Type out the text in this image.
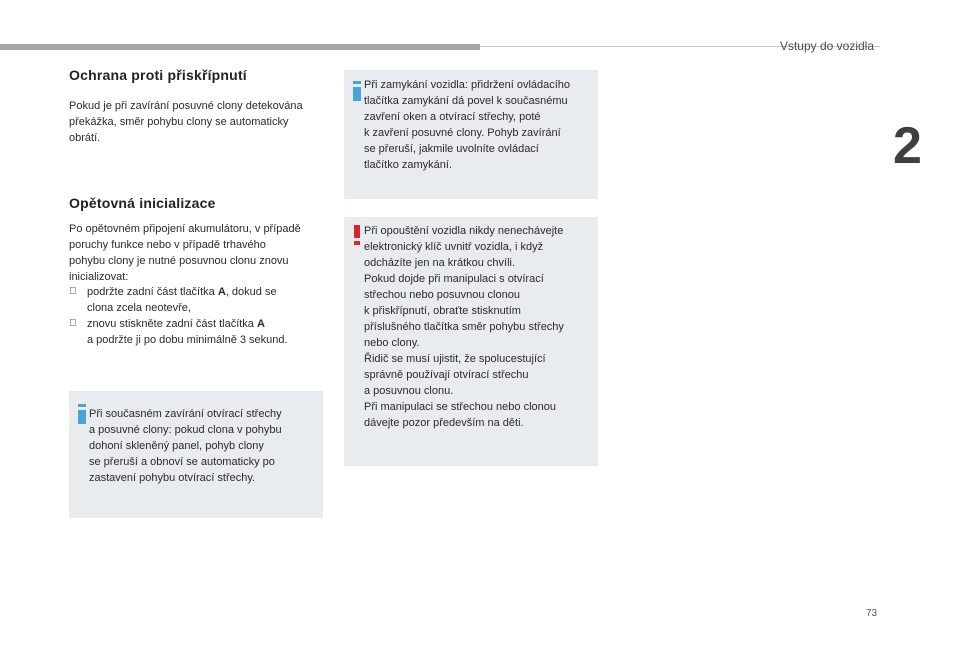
Vstupy do vozidla
2
73
Ochrana proti přiskřípnutí

Pokud je při zavírání posuvné clony detekována

překážka, směr pohybu clony se automaticky

obrátí.

Opětovná inicializace

Po opětovném připojení akumulátoru, v případě

poruchy funkce nebo v případě trhavého

pohybu clony je nutné posuvnou clonu znovu

inicializovat:

podržte zadní část tlačítka A, dokud se
clona zcela neotevře,
znovu stiskněte zadní část tlačítka A
a podržte ji po dobu minimálně 3 sekund.

Při současném zavírání otvírací střechy

a posuvné clony: pokud clona v pohybu

dohoní skleněný panel, pohyb clony

se přeruší a obnoví se automaticky po

zastavení pohybu otvírací střechy.

Při zamykání vozidla: přidržení ovládacího

tlačítka zamykání dá povel k současnému

zavření oken a otvírací střechy, poté

k zavření posuvné clony. Pohyb zavírání

se přeruší, jakmile uvolníte ovládací

tlačítko zamykání.

Při opouštění vozidla nikdy nenechávejte

elektronický klíč uvnitř vozidla, i když

odcházíte jen na krátkou chvíli.

Pokud dojde při manipulaci s otvírací

střechou nebo posuvnou clonou

k přiskřípnutí, obraťte stisknutím

příslušného tlačítka směr pohybu střechy

nebo clony.

Řidič se musí ujistit, že spolucestující

správně používají otvírací střechu

a posuvnou clonu.

Při manipulaci se střechou nebo clonou

dávejte pozor především na děti.
